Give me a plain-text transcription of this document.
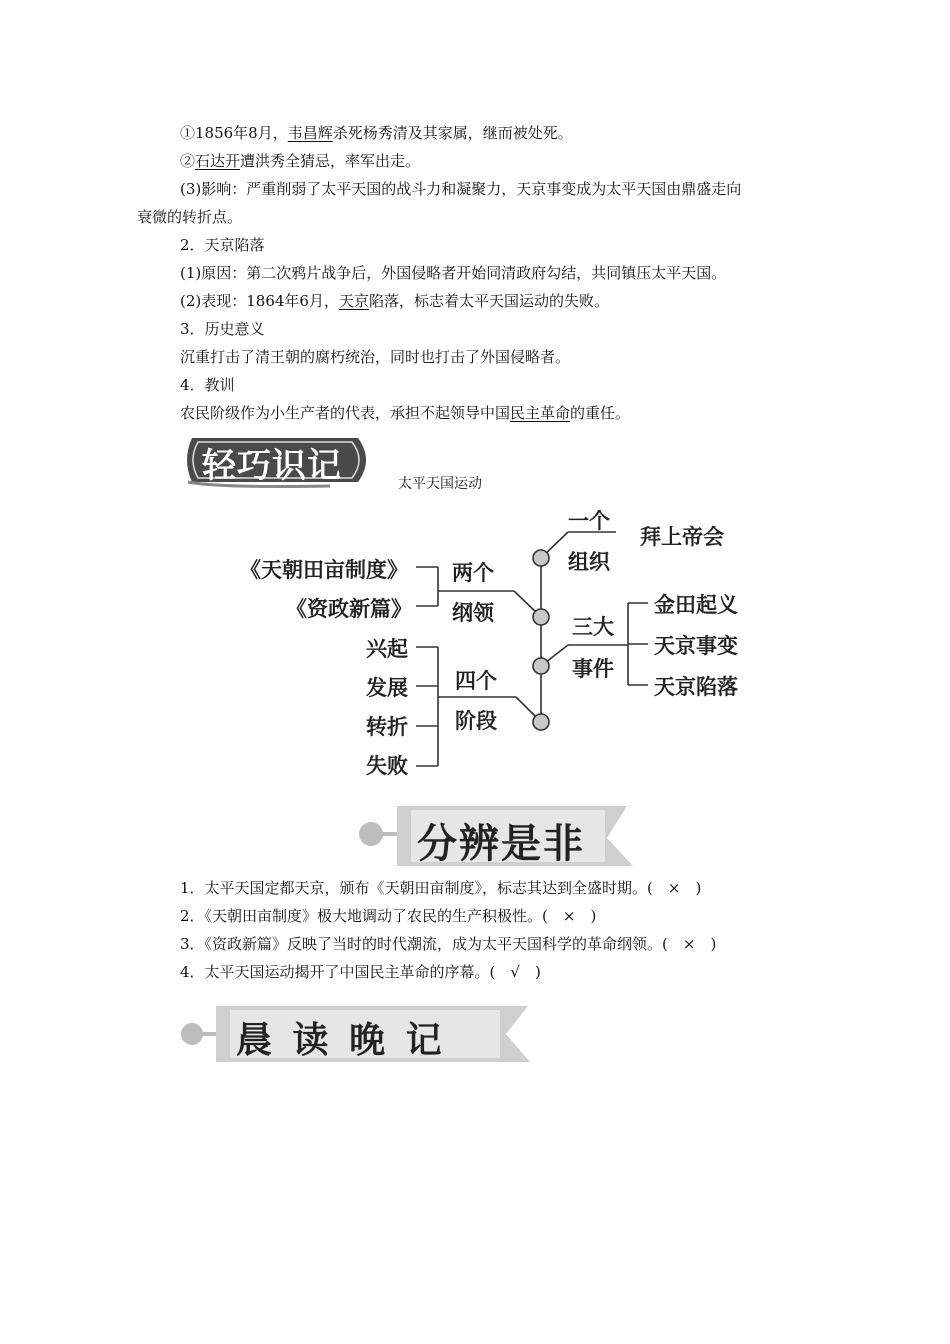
①1856年8月，韦昌辉杀死杨秀清及其家属，继而被处死。
②石达开遭洪秀全猜忌，率军出走。
(3)影响：严重削弱了太平天国的战斗力和凝聚力，天京事变成为太平天国由鼎盛走向
衰微的转折点。
2．天京陷落
(1)原因：第二次鸦片战争后，外国侵略者开始同清政府勾结，共同镇压太平天国。
(2)表现：1864年6月，天京陷落，标志着太平天国运动的失败。
3．历史意义
沉重打击了清王朝的腐朽统治，同时也打击了外国侵略者。
4．教训
农民阶级作为小生产者的代表，承担不起领导中国民主革命的重任。
轻巧识记	太平天国运动
《天朝田亩制度》
《资政新篇》
两个
纲领
一个
组织
拜上帝会
三大
事件
金田起义
天京事变
天京陷落
四个
阶段
兴起
发展
转折
失败
分辨是非
1．太平天国定都天京，颁布《天朝田亩制度》，标志其达到全盛时期。(　×　)
2．《天朝田亩制度》极大地调动了农民的生产积极性。(　×　)
3．《资政新篇》反映了当时的时代潮流，成为太平天国科学的革命纲领。(　×　)
4．太平天国运动揭开了中国民主革命的序幕。(　√　)
晨 读 晚 记
